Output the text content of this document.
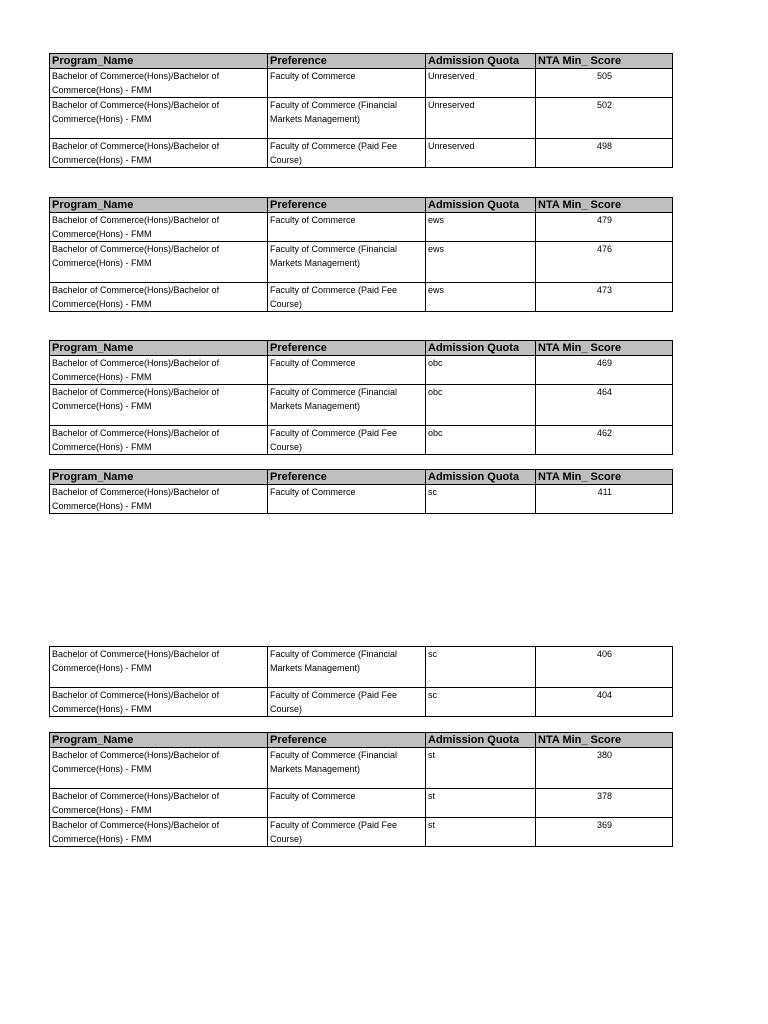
Program_Name	Preference	Admission Quota	NTA Min_ Score
Bachelor of Commerce(Hons)/Bachelor of Commerce(Hons) - FMM	Faculty of Commerce	Unreserved	505
Bachelor of Commerce(Hons)/Bachelor of Commerce(Hons) - FMM	Faculty of Commerce (Financial Markets Management)	Unreserved	502
Bachelor of Commerce(Hons)/Bachelor of Commerce(Hons) - FMM	Faculty of Commerce (Paid Fee Course)	Unreserved	498
Program_Name	Preference	Admission Quota	NTA Min_ Score
Bachelor of Commerce(Hons)/Bachelor of Commerce(Hons) - FMM	Faculty of Commerce	ews	479
Bachelor of Commerce(Hons)/Bachelor of Commerce(Hons) - FMM	Faculty of Commerce (Financial Markets Management)	ews	476
Bachelor of Commerce(Hons)/Bachelor of Commerce(Hons) - FMM	Faculty of Commerce (Paid Fee Course)	ews	473
Program_Name	Preference	Admission Quota	NTA Min_ Score
Bachelor of Commerce(Hons)/Bachelor of Commerce(Hons) - FMM	Faculty of Commerce	obc	469
Bachelor of Commerce(Hons)/Bachelor of Commerce(Hons) - FMM	Faculty of Commerce (Financial Markets Management)	obc	464
Bachelor of Commerce(Hons)/Bachelor of Commerce(Hons) - FMM	Faculty of Commerce (Paid Fee Course)	obc	462
Program_Name	Preference	Admission Quota	NTA Min_ Score
Bachelor of Commerce(Hons)/Bachelor of Commerce(Hons) - FMM	Faculty of Commerce	sc	411
Bachelor of Commerce(Hons)/Bachelor of Commerce(Hons) - FMM	Faculty of Commerce (Financial Markets Management)	sc	406
Bachelor of Commerce(Hons)/Bachelor of Commerce(Hons) - FMM	Faculty of Commerce (Paid Fee Course)	sc	404
Program_Name	Preference	Admission Quota	NTA Min_ Score
Bachelor of Commerce(Hons)/Bachelor of Commerce(Hons) - FMM	Faculty of Commerce (Financial Markets Management)	st	380
Bachelor of Commerce(Hons)/Bachelor of Commerce(Hons) - FMM	Faculty of Commerce	st	378
Bachelor of Commerce(Hons)/Bachelor of Commerce(Hons) - FMM	Faculty of Commerce (Paid Fee Course)	st	369
